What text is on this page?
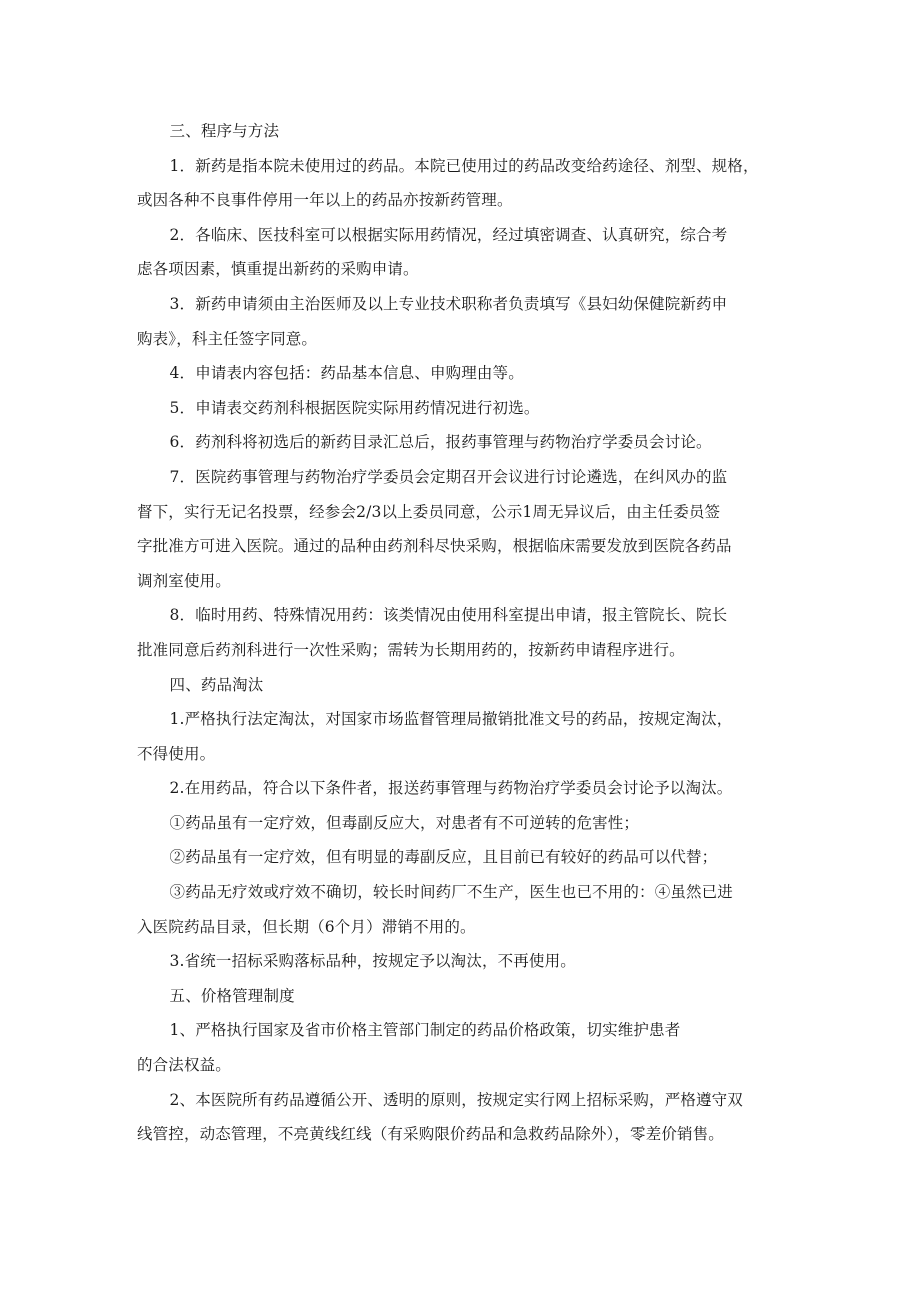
三、程序与方法

1．新药是指本院未使用过的药品。本院已使用过的药品改变给药途径、剂型、规格，
或因各种不良事件停用一年以上的药品亦按新药管理。

2．各临床、医技科室可以根据实际用药情况，经过填密调查、认真研究，综合考
虑各项因素，慎重提出新药的采购申请。

3．新药申请须由主治医师及以上专业技术职称者负责填写《县妇幼保健院新药申
购表》，科主任签字同意。

4．申请表内容包括：药品基本信息、申购理由等。

5．申请表交药剂科根据医院实际用药情况进行初选。

6．药剂科将初选后的新药目录汇总后，报药事管理与药物治疗学委员会讨论。

7．医院药事管理与药物治疗学委员会定期召开会议进行讨论遴选，在纠风办的监
督下，实行无记名投票，经参会2/3以上委员同意，公示1周无异议后，由主任委员签
字批准方可进入医院。通过的品种由药剂科尽快采购，根据临床需要发放到医院各药品
调剂室使用。

8．临时用药、特殊情况用药：该类情况由使用科室提出申请，报主管院长、院长
批准同意后药剂科进行一次性采购；需转为长期用药的，按新药申请程序进行。

四、药品淘汰

1.严格执行法定淘汰，对国家市场监督管理局撤销批准文号的药品，按规定淘汰，
不得使用。

2.在用药品，符合以下条件者，报送药事管理与药物治疗学委员会讨论予以淘汰。

①药品虽有一定疗效，但毒副反应大，对患者有不可逆转的危害性；

②药品虽有一定疗效，但有明显的毒副反应，且目前已有较好的药品可以代替；

③药品无疗效或疗效不确切，较长时间药厂不生产，医生也已不用的：④虽然已进
入医院药品目录，但长期（6个月）滞销不用的。

3.省统一招标采购落标品种，按规定予以淘汰，不再使用。

五、价格管理制度

1、严格执行国家及省市价格主管部门制定的药品价格政策，切实维护患者
的合法权益。

2、本医院所有药品遵循公开、透明的原则，按规定实行网上招标采购，严格遵守双
线管控，动态管理，不亮黄线红线（有采购限价药品和急救药品除外），零差价销售。
